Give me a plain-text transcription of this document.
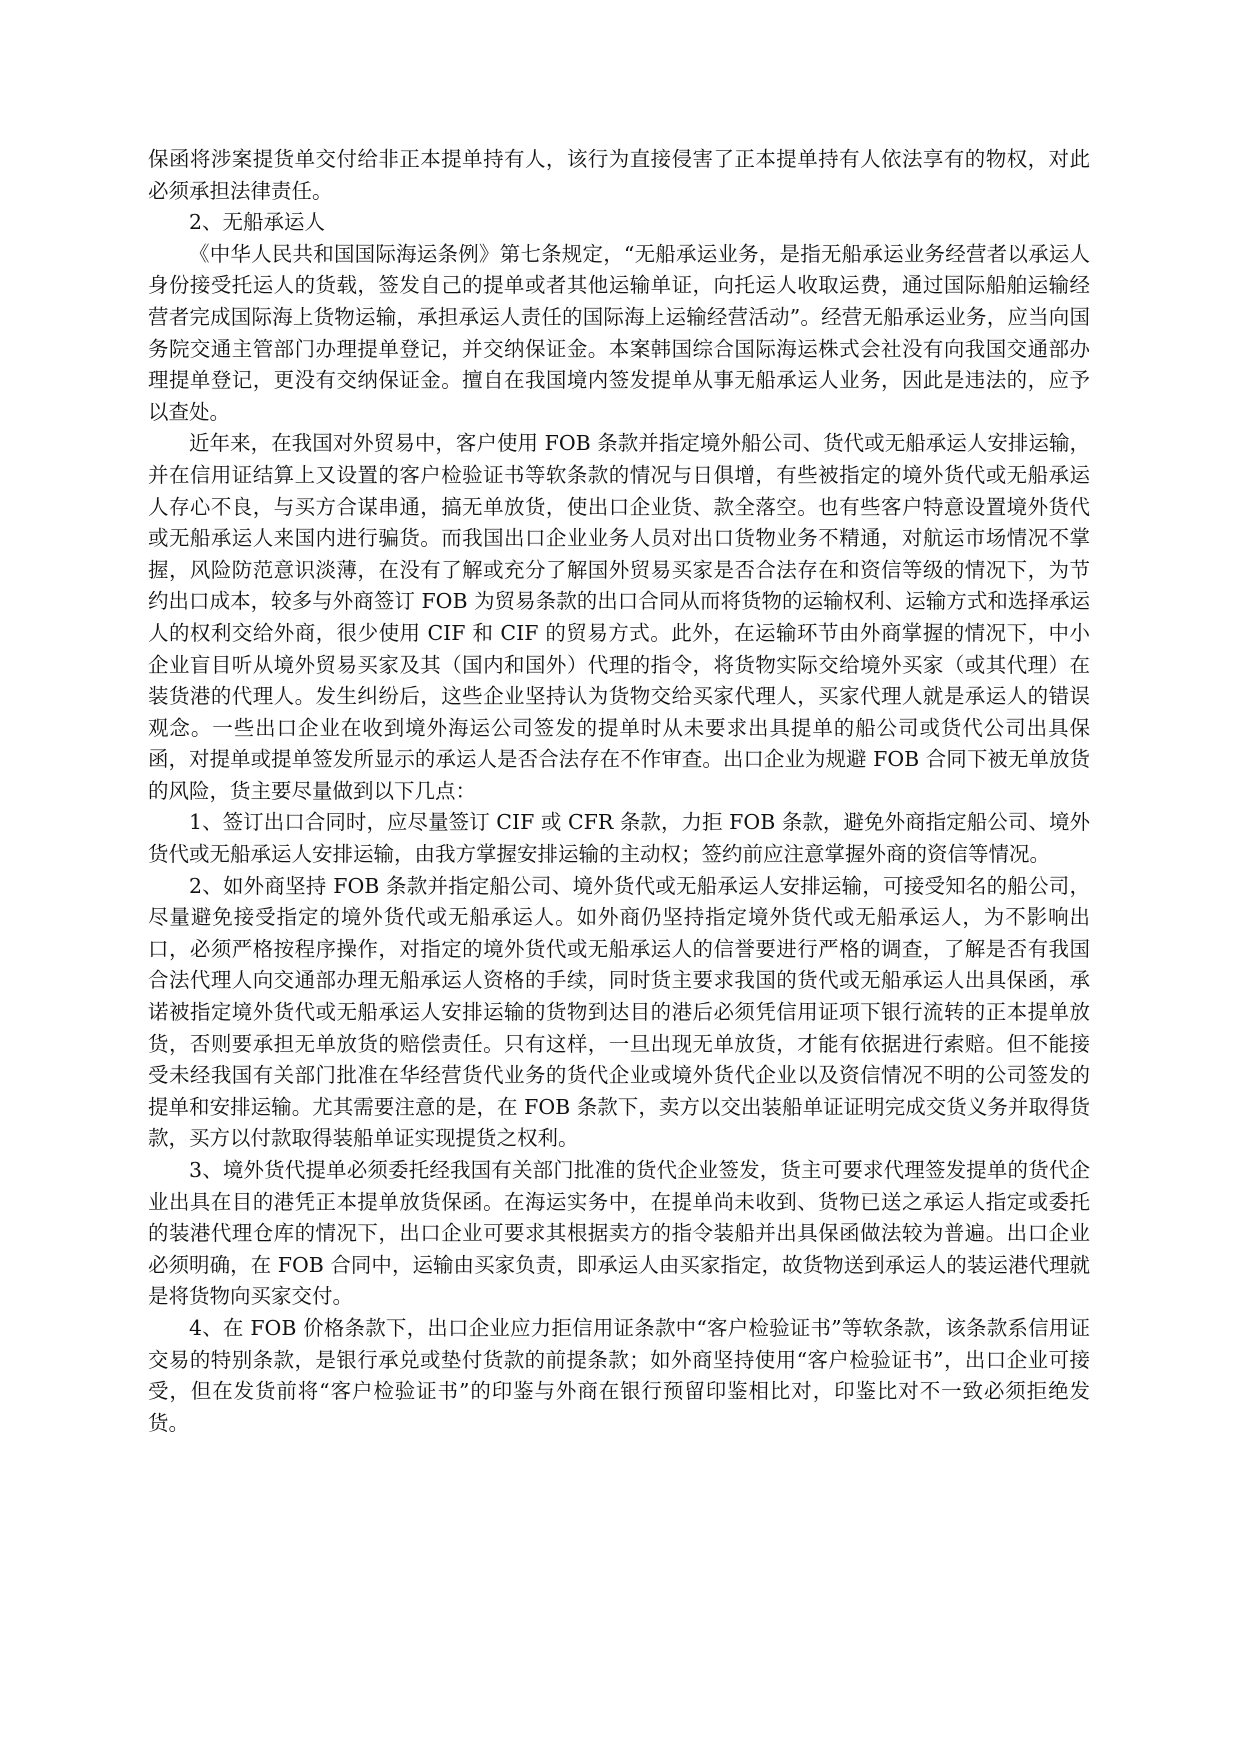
保函将涉案提货单交付给非正本提单持有人，该行为直接侵害了正本提单持有人依法享有的物权，对此必须承担法律责任。

2、无船承运人

《中华人民共和国国际海运条例》第七条规定，“无船承运业务，是指无船承运业务经营者以承运人身份接受托运人的货载，签发自己的提单或者其他运输单证，向托运人收取运费，通过国际船舶运输经营者完成国际海上货物运输，承担承运人责任的国际海上运输经营活动”。经营无船承运业务，应当向国务院交通主管部门办理提单登记，并交纳保证金。本案韩国综合国际海运株式会社没有向我国交通部办理提单登记，更没有交纳保证金。擅自在我国境内签发提单从事无船承运人业务，因此是违法的，应予以查处。

近年来，在我国对外贸易中，客户使用 FOB 条款并指定境外船公司、货代或无船承运人安排运输，并在信用证结算上又设置的客户检验证书等软条款的情况与日俱增，有些被指定的境外货代或无船承运人存心不良，与买方合谋串通，搞无单放货，使出口企业货、款全落空。也有些客户特意设置境外货代或无船承运人来国内进行骗货。而我国出口企业业务人员对出口货物业务不精通，对航运市场情况不掌握，风险防范意识淡薄，在没有了解或充分了解国外贸易买家是否合法存在和资信等级的情况下，为节约出口成本，较多与外商签订 FOB 为贸易条款的出口合同从而将货物的运输权利、运输方式和选择承运人的权利交给外商，很少使用 CIF 和 CIF 的贸易方式。此外，在运输环节由外商掌握的情况下，中小企业盲目听从境外贸易买家及其（国内和国外）代理的指令，将货物实际交给境外买家（或其代理）在装货港的代理人。发生纠纷后，这些企业坚持认为货物交给买家代理人，买家代理人就是承运人的错误观念。一些出口企业在收到境外海运公司签发的提单时从未要求出具提单的船公司或货代公司出具保函，对提单或提单签发所显示的承运人是否合法存在不作审查。出口企业为规避 FOB 合同下被无单放货的风险，货主要尽量做到以下几点：

1、签订出口合同时，应尽量签订 CIF 或 CFR 条款，力拒 FOB 条款，避免外商指定船公司、境外货代或无船承运人安排运输，由我方掌握安排运输的主动权；签约前应注意掌握外商的资信等情况。

2、如外商坚持 FOB 条款并指定船公司、境外货代或无船承运人安排运输，可接受知名的船公司，尽量避免接受指定的境外货代或无船承运人。如外商仍坚持指定境外货代或无船承运人，为不影响出口，必须严格按程序操作，对指定的境外货代或无船承运人的信誉要进行严格的调查，了解是否有我国合法代理人向交通部办理无船承运人资格的手续，同时货主要求我国的货代或无船承运人出具保函，承诺被指定境外货代或无船承运人安排运输的货物到达目的港后必须凭信用证项下银行流转的正本提单放货，否则要承担无单放货的赔偿责任。只有这样，一旦出现无单放货，才能有依据进行索赔。但不能接受未经我国有关部门批准在华经营货代业务的货代企业或境外货代企业以及资信情况不明的公司签发的提单和安排运输。尤其需要注意的是，在 FOB 条款下，卖方以交出装船单证证明完成交货义务并取得货款，买方以付款取得装船单证实现提货之权利。

3、境外货代提单必须委托经我国有关部门批准的货代企业签发，货主可要求代理签发提单的货代企业出具在目的港凭正本提单放货保函。在海运实务中，在提单尚未收到、货物已送之承运人指定或委托的装港代理仓库的情况下，出口企业可要求其根据卖方的指令装船并出具保函做法较为普遍。出口企业必须明确，在 FOB 合同中，运输由买家负责，即承运人由买家指定，故货物送到承运人的装运港代理就是将货物向买家交付。

4、在 FOB 价格条款下，出口企业应力拒信用证条款中“客户检验证书”等软条款，该条款系信用证交易的特别条款，是银行承兑或垫付货款的前提条款；如外商坚持使用“客户检验证书”，出口企业可接受，但在发货前将“客户检验证书”的印鉴与外商在银行预留印鉴相比对，印鉴比对不一致必须拒绝发货。
